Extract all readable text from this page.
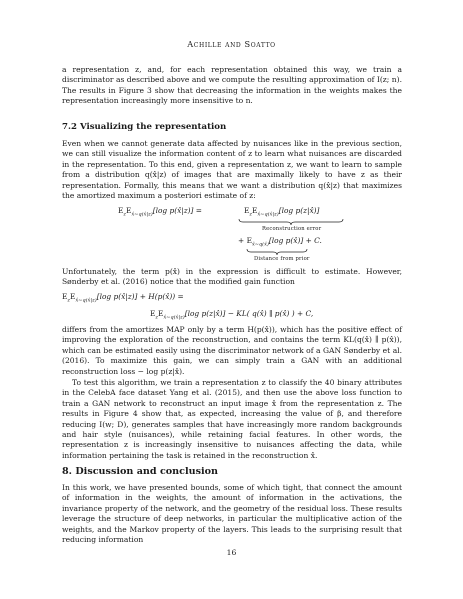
Achille and Soatto

a representation z, and, for each representation obtained this way, we train a discriminator as described above and we compute the resulting approximation of I(z; n). The results in Figure 3 show that decreasing the information in the weights makes the representation increasingly more insensitive to n.

7.2 Visualizing the representation

Even when we cannot generate data affected by nuisances like in the previous section, we can still visualize the information content of z to learn what nuisances are discarded in the representation. To this end, given a representation z, we want to learn to sample from a distribution q(x̂|z) of images that are maximally likely to have z as their representation. Formally, this means that we want a distribution q(x̂|z) that maximizes the amortized maximum a posteriori estimate of z:

$E_zE_{x̂\sim q(x̂|z)}[\log$ p(x̂|z)] =	$E_zE_{x̂\sim q(x̂|z)}[\log$ p(z|x̂)]
Reconstruction error
+ $E_{x̂\sim q(x̂)}[\log$ p(x̂)] + C.
Distance from prior

Unfortunately, the term p(x̂) in the expression is difficult to estimate. However, Sønderby et al. (2016) notice that the modified gain function

$E_zE_{x̂\sim q(x̂|z)}[\log$ p(x̂|z)] + H(p(x̂)) =
$E_zE_{x̂\sim q(x̂|z)}[\log$ p(z|x̂)] − KL( q(x̂) ∥ p(x̂) ) + C,

differs from the amortizes MAP only by a term H(p(x̂)), which has the positive effect of improving the exploration of the reconstruction, and contains the term KL(q(x̂) ∥ p(x̂)), which can be estimated easily using the discriminator network of a GAN Sønderby et al. (2016). To maximize this gain, we can simply train a GAN with an additional reconstruction loss − log p(z|x̂).

To test this algorithm, we train a representation z to classify the 40 binary attributes in the CelebA face dataset Yang et al. (2015), and then use the above loss function to train a GAN network to reconstruct an input image x̂ from the representation z. The results in Figure 4 show that, as expected, increasing the value of β, and therefore reducing I(w; D), generates samples that have increasingly more random backgrounds and hair style (nuisances), while retaining facial features. In other words, the representation z is increasingly insensitive to nuisances affecting the data, while information pertaining the task is retained in the reconstruction x̂.

8. Discussion and conclusion

In this work, we have presented bounds, some of which tight, that connect the amount of information in the weights, the amount of information in the activations, the invariance property of the network, and the geometry of the residual loss. These results leverage the structure of deep networks, in particular the multiplicative action of the weights, and the Markov property of the layers. This leads to the surprising result that reducing information

16
